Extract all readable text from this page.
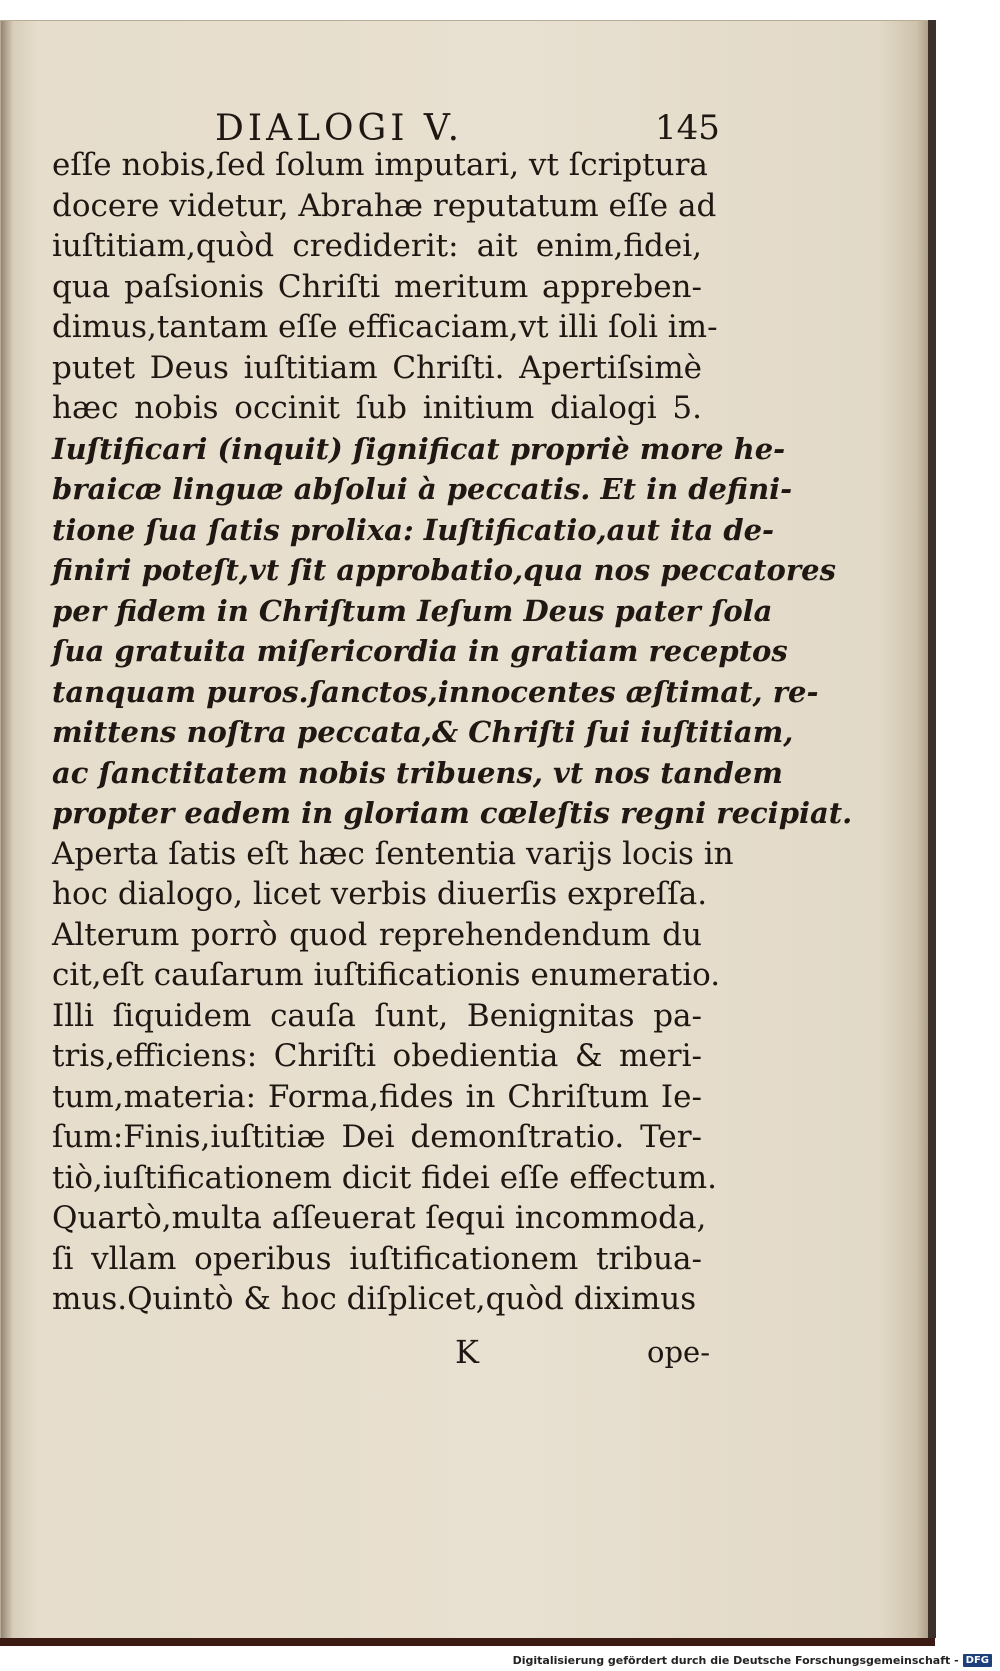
DIALOGI V.	145
eſſe nobis,ſed ſolum imputari, vt ſcriptura
docere videtur, Abrahæ reputatum eſſe ad
iuſtitiam,quòd crediderit: ait enim,fidei,
qua paſsionis Chriſti meritum appreben-
dimus,tantam eſſe efficaciam,vt illi ſoli im-
putet Deus iuſtitiam Chriſti. Apertiſsimè
hæc nobis occinit ſub initium dialogi 5.
Iuſtificari (inquit) ſignificat propriè more he-
braicæ linguæ abſolui à peccatis. Et in defini-
tione ſua ſatis prolixa: Iuſtificatio,aut ita de-
finiri poteſt,vt ſit approbatio,qua nos peccatores
per fidem in Chriſtum Ieſum Deus pater ſola
ſua gratuita miſericordia in gratiam receptos
tanquam puros.ſanctos,innocentes æſtimat, re-
mittens noſtra peccata,& Chriſti ſui iuſtitiam,
ac ſanctitatem nobis tribuens, vt nos tandem
propter eadem in gloriam cœleſtis regni recipiat.
Aperta ſatis eſt hæc ſententia varijs locis in
hoc dialogo, licet verbis diuerſis expreſſa.
Alterum porrò quod reprehendendum du
cit,eſt cauſarum iuſtificationis enumeratio.
Illi ſiquidem cauſa ſunt, Benignitas pa-
tris,efficiens: Chriſti obedientia & meri-
tum,materia: Forma,fides in Chriſtum Ie-
ſum:Finis,iuſtitiæ Dei demonſtratio. Ter-
tiò,iuſtificationem dicit fidei eſſe effectum.
Quartò,multa aſſeuerat ſequi incommoda,
ſi vllam operibus iuſtificationem tribua-
mus.Quintò & hoc diſplicet,quòd diximus
K	ope-
Digitalisierung gefördert durch die Deutsche Forschungsgemeinschaft - DFG
